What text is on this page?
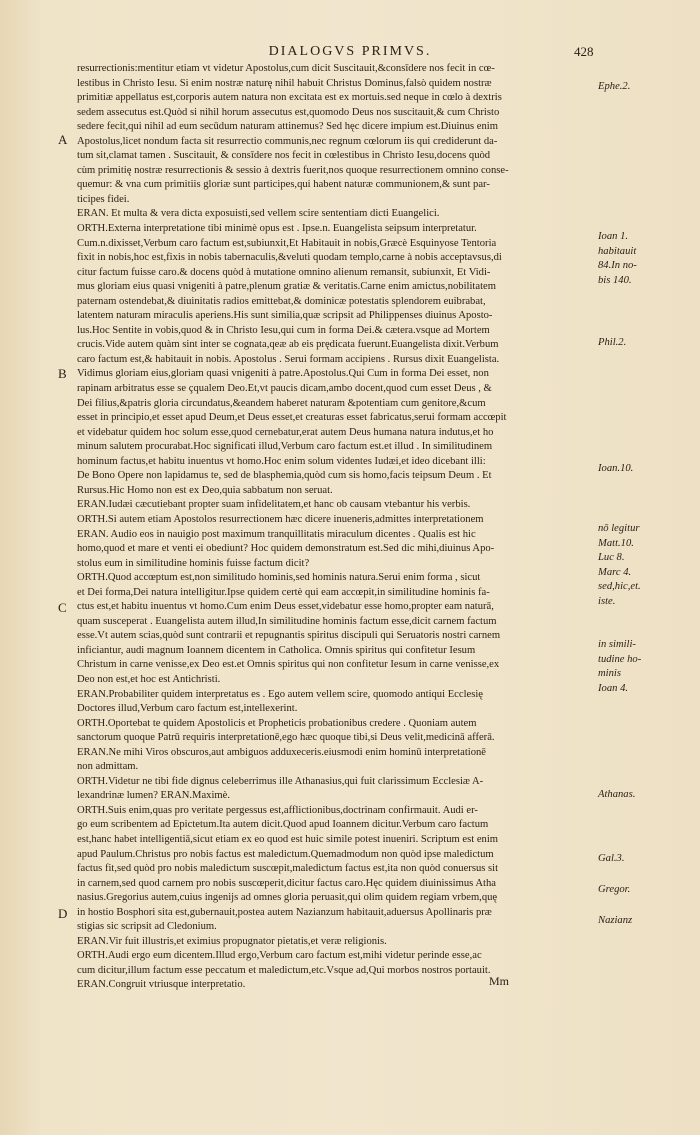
DIALOGVS PRIMVS.	428
resurrectionis:mentitur etiam vt videtur Apostolus,cum dicit Suscitauit,&consīdere nos fecit in cœ-
lestibus in Christo Iesu. Si enim nostræ naturę nihil habuit Christus Dominus,falsò quidem nostræ
primitiæ appellatus est,corporis autem natura non excitata est ex mortuis.sed neque in cœlo à dextris
sedem assecutus est.Quòd si nihil horum assecutus est,quomodo Deus nos suscitauit,& cum Christo
sedere fecit,qui nihil ad eum secūdum naturam attinemus? Sed hęc dicere impium est.Diuinus enim
Apostolus,licet nondum facta sit resurrectio communis,nec regnum cœlorum iis qui crediderunt da-
tum sit,clamat tamen . Suscitauit, & consīdere nos fecit in cœlestibus in Christo Iesu,docens quòd
cùm primitię nostræ resurrectionis & sessio à dextris fuerit,nos quoque resurrectionem omnino conse-
quemur: & vna cum primitiis gloriæ sunt participes,qui habent naturæ communionem,& sunt par-
ticipes fidei.
ERAN. Et multa & vera dicta exposuisti,sed vellem scire sententiam dicti Euangelici.
ORTH.Externa interpretatione tibi minimè opus est . Ipse.n. Euangelista seipsum interpretatur.
Cum.n.dixisset,Verbum caro factum est,subiunxit,Et Habitauit in nobis,Græcè Esquinyose Tentoria
fixit in nobis,hoc est,fixis in nobis tabernaculis,&veluti quodam templo,carne à nobis acceptavsus,di
citur factum fuisse caro.& docens quòd à mutatione omnino alienum remansit, subiunxit, Et Vidi-
mus gloriam eius quasi vnigeniti à patre,plenum gratiæ & veritatis.Carne enim amictus,nobilitatem
paternam ostendebat,& diuinitatis radios emittebat,& dominicæ potestatis splendorem euibrabat,
latentem naturam miraculis aperiens.His sunt similia,quæ scripsit ad Philippenses diuinus Aposto-
lus.Hoc Sentite in vobis,quod & in Christo Iesu,qui cum in forma Dei.& cætera.vsque ad Mortem
crucis.Vide autem quàm sint inter se cognata,qeæ ab eis prędicata fuerunt.Euangelista dixit.Verbum
caro factum est,& habitauit in nobis. Apostolus . Serui formam accipiens . Rursus dixit Euangelista.
Vidimus gloriam eius,gloriam quasi vnigeniti à patre.Apostolus.Qui Cum in forma Dei esset, non
rapinam arbitratus esse se çqualem Deo.Et,vt paucis dicam,ambo docent,quod cum esset Deus , &
Dei filius,&patris gloria circundatus,&eandem haberet naturam &potentiam cum genitore,&cum
esset in principio,et esset apud Deum,et Deus esset,et creaturas esset fabricatus,serui formam accœpit
et videbatur quidem hoc solum esse,quod cernebatur,erat autem Deus humana natura indutus,et ho
minum salutem procurabat.Hoc significati illud,Verbum caro factum est.et illud . In similitudinem
hominum factus,et habitu inuentus vt homo.Hoc enim solum videntes Iudæi,et ideo dicebant illi:
De Bono Opere non lapidamus te, sed de blasphemia,quòd cum sis homo,facis teipsum Deum . Et
Rursus.Hic Homo non est ex Deo,quia sabbatum non seruat.
ERAN.Iudæi cæcutiebant propter suam infidelitatem,et hanc ob causam vtebantur his verbis.
ORTH.Si autem etiam Apostolos resurrectionem hæc dicere inueneris,admittes interpretationem
ERAN. Audio eos in nauigio post maximum tranquillitatis miraculum dicentes . Qualis est hic
homo,quod et mare et venti ei obediunt? Hoc quidem demonstratum est.Sed dic mihi,diuinus Apo-
stolus eum in similitudine hominis fuisse factum dicit?
ORTH.Quod accœptum est,non similitudo hominis,sed hominis natura.Serui enim forma , sicut
et Dei forma,Dei natura intelligitur.Ipse quidem certè qui eam accœpit,in similitudine hominis fa-
ctus est,et habitu inuentus vt homo.Cum enim Deus esset,videbatur esse homo,propter eam naturā,
quam susceperat . Euangelista autem illud,In similitudine hominis factum esse,dicit carnem factum
esse.Vt autem scias,quòd sunt contrarii et repugnantis spiritus discipuli qui Seruatoris nostri carnem
inficiantur, audi magnum Ioannem dicentem in Catholica. Omnis spiritus qui confitetur Iesum
Christum in carne venisse,ex Deo est.et Omnis spiritus qui non confitetur Iesum in carne venisse,ex
Deo non est,et hoc est Antichristi.
ERAN.Probabiliter quidem interpretatus es . Ego autem vellem scire, quomodo antiqui Ecclesię
Doctores illud,Verbum caro factum est,intellexerint.
ORTH.Oportebat te quidem Apostolicis et Propheticis probationibus credere . Quoniam autem
sanctorum quoque Patrū requiris interpretationē,ego hæc quoque tibi,si Deus velit,medicinā afferā.
ERAN.Ne mihi Viros obscuros,aut ambiguos adduxeceris.eiusmodi enim hominū interpretationē
non admittam.
ORTH.Videtur ne tibi fide dignus celeberrimus ille Athanasius,qui fuit clarissimum Ecclesiæ A-
lexandrinæ lumen? ERAN.Maximè.
ORTH.Suis enim,quas pro veritate pergessus est,afflictionibus,doctrinam confirmauit. Audi er-
go eum scribentem ad Epictetum.Ita autem dicit.Quod apud Ioannem dicitur.Verbum caro factum
est,hanc habet intelligentiā,sicut etiam ex eo quod est huic simile potest inueniri. Scriptum est enim
apud Paulum.Christus pro nobis factus est maledictum.Quemadmodum non quòd ipse maledictum
factus fit,sed quòd pro nobis maledictum suscœpit,maledictum factus est,ita non quòd conuersus sit
in carnem,sed quod carnem pro nobis suscœperit,dicitur factus caro.Hęc quidem diuinissimus Atha
nasius.Gregorius autem,cuius ingenijs ad omnes gloria peruasit,qui olim quidem regiam vrbem,quę
in hostio Bosphori sita est,gubernauit,postea autem Nazianzum habitauit,aduersus Apollinaris præ
stigias sic scripsit ad Cledonium.
ERAN.Vir fuit illustris,et eximius propugnator pietatis,et veræ religionis.
ORTH.Audi ergo eum dicentem.Illud ergo,Verbum caro factum est,mihi videtur perinde esse,ac
cum dicitur,illum factum esse peccatum et maledictum,etc.Vsque ad,Qui morbos nostros portauit.
ERAN.Congruit vtriusque interpretatio.
A
B
C
D
Ephe.2.
Ioan 1.
habitauit
84.In no-
bis 140.
Phil.2.
Ioan.10.
nō legitur
Matt.10.
Luc 8.
Marc 4.
sed,hic,et.
iste.
in simili-
tudine ho-
minis
Ioan 4.
Athanas.
Gal.3.
Gregor.
Nazianz
Mm
